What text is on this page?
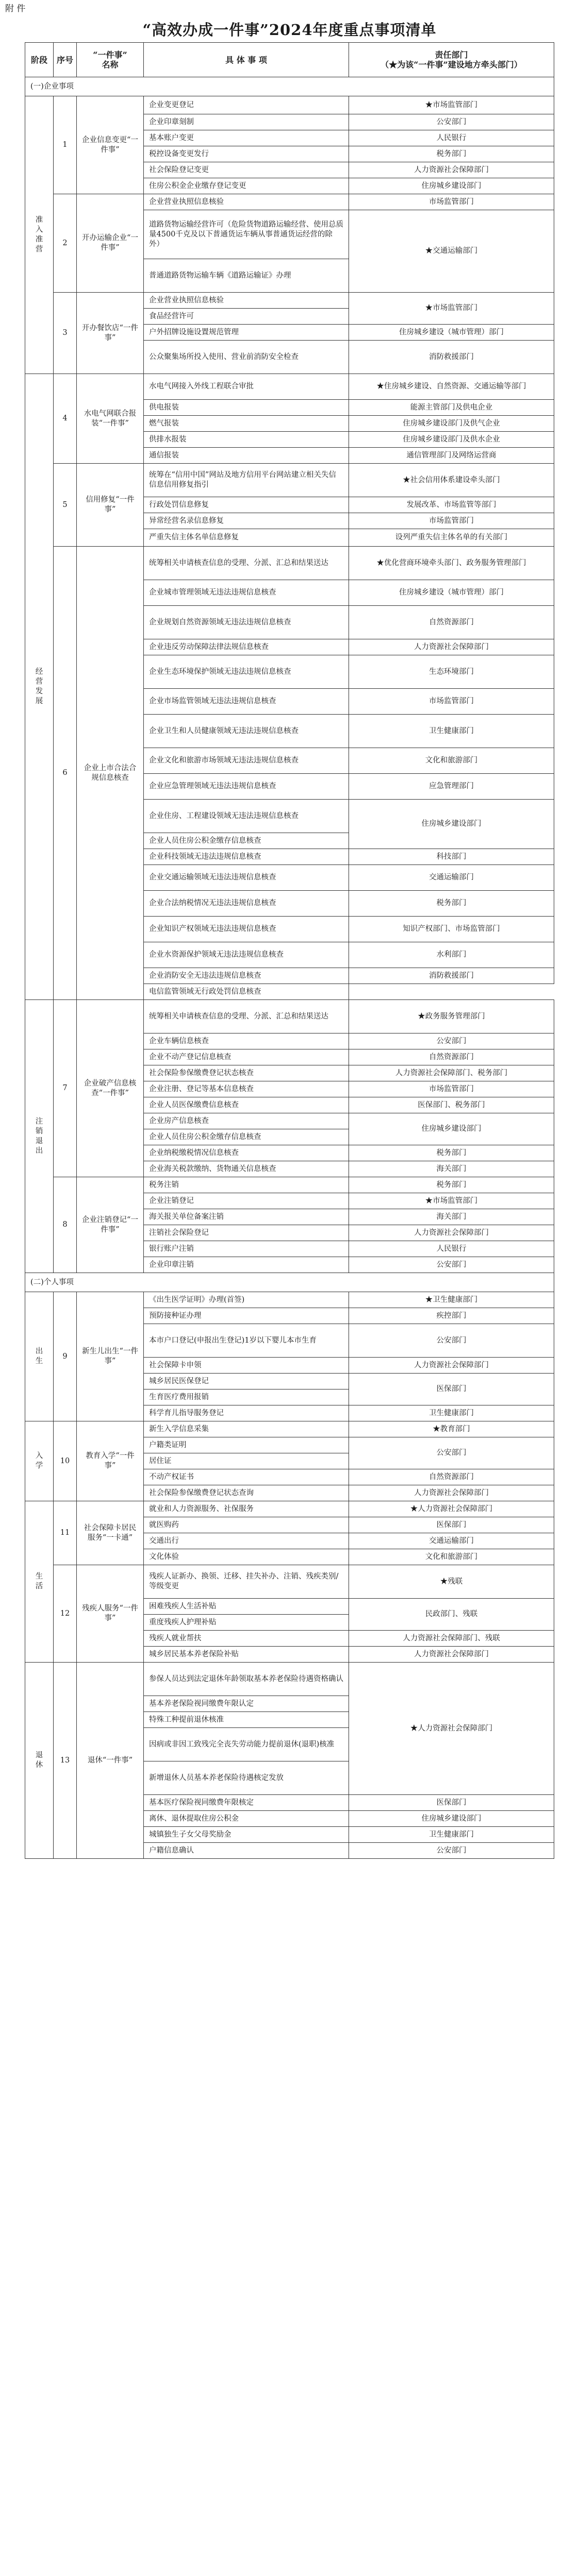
附 件
“高效办成一件事”2024年度重点事项清单
阶段	序号	“一件事”
名称	具 体 事 项	责任部门
（★为该“一件事”建设地方牵头部门）
(一)企业事项				
准
入
准
营	1	企业信息变更“一件事”	企业变更登记	★市场监管部门
			企业印章刻制	公安部门
			基本账户变更	人民银行
			税控设备变更发行	税务部门
			社会保险登记变更	人力资源社会保障部门
			住房公积金企业缴存登记变更	住房城乡建设部门
	2	开办运输企业“一件事”	企业营业执照信息核验	市场监管部门
			道路货物运输经营许可（危险货物道路运输经营、使用总质量4500千克及以下普通货运车辆从事普通货运经营的除外）	★交通运输部门
			普通道路货物运输车辆《道路运输证》办理	
	3	开办餐饮店“一件事”	企业营业执照信息核验	★市场监管部门
			食品经营许可	
			户外招牌设施设置规范管理	住房城乡建设（城市管理）部门
			公众聚集场所投入使用、营业前消防安全检查	消防救援部门
经
营
发
展	4	水电气网联合报装“一件事”	水电气网接入外线工程联合审批	★住房城乡建设、自然资源、交通运输等部门
			供电报装	能源主管部门及供电企业
			燃气报装	住房城乡建设部门及供气企业
			供排水报装	住房城乡建设部门及供水企业
			通信报装	通信管理部门及网络运营商
	5	信用修复“一件事”	统筹在“信用中国”网站及地方信用平台网站建立相关失信信息信用修复指引	★社会信用体系建设牵头部门
			行政处罚信息修复	发展改革、市场监管等部门
			异常经营名录信息修复	市场监管部门
			严重失信主体名单信息修复	设列严重失信主体名单的有关部门
	6	企业上市合法合规信息核查	统筹相关申请核查信息的受理、分派、汇总和结果送达	★优化营商环境牵头部门、政务服务管理部门
			企业城市管理领域无违法违规信息核查	住房城乡建设（城市管理）部门
			企业规划自然资源领域无违法违规信息核查	自然资源部门
			企业违反劳动保障法律法规信息核查	人力资源社会保障部门
			企业生态环境保护领域无违法违规信息核查	生态环境部门
			企业市场监管领域无违法违规信息核查	市场监管部门
			企业卫生和人员健康领域无违法违规信息核查	卫生健康部门
			企业文化和旅游市场领域无违法违规信息核查	文化和旅游部门
			企业应急管理领域无违法违规信息核查	应急管理部门
			企业住房、工程建设领域无违法违规信息核查	住房城乡建设部门
			企业人员住房公积金缴存信息核查	
			企业科技领域无违法违规信息核查	科技部门
			企业交通运输领域无违法违规信息核查	交通运输部门
			企业合法纳税情况无违法违规信息核查	税务部门
			企业知识产权领域无违法违规信息核查	知识产权部门、市场监管部门
			企业水资源保护领域无违法违规信息核查	水利部门
			企业消防安全无违法违规信息核查	消防救援部门
			电信监管领域无行政处罚信息核查	
注
销
退
出	7	企业破产信息核查“一件事”	统筹相关申请核查信息的受理、分派、汇总和结果送达	★政务服务管理部门
			企业车辆信息核查	公安部门
			企业不动产登记信息核查	自然资源部门
			社会保险参保缴费登记状态核查	人力资源社会保障部门、税务部门
			企业注册、登记等基本信息核查	市场监管部门
			企业人员医保缴费信息核查	医保部门、税务部门
			企业房产信息核查	住房城乡建设部门
			企业人员住房公积金缴存信息核查	
			企业纳税缴税情况信息核查	税务部门
			企业海关税款缴纳、货物通关信息核查	海关部门
	8	企业注销登记“一件事”	税务注销	税务部门
			企业注销登记	★市场监管部门
			海关报关单位备案注销	海关部门
			注销社会保险登记	人力资源社会保障部门
			银行账户注销	人民银行
			企业印章注销	公安部门
(二)个人事项				
出
生	9	新生儿出生“一件事”	《出生医学证明》办理(首签)	★卫生健康部门
			预防接种证办理	疾控部门
			本市户口登记(申报出生登记)1岁以下婴儿本市生育	公安部门
			社会保障卡申领	人力资源社会保障部门
			城乡居民医保登记	医保部门
			生育医疗费用报销	
			科学育儿指导服务登记	卫生健康部门
入
学	10	教育入学“一件事”	新生入学信息采集	★教育部门
			户籍类证明	公安部门
			居住证	
			不动产权证书	自然资源部门
			社会保险参保缴费登记状态查询	人力资源社会保障部门
生
活	11	社会保障卡居民服务“一卡通”	就业和人力资源服务、社保服务	★人力资源社会保障部门
			就医购药	医保部门
			交通出行	交通运输部门
			文化体验	文化和旅游部门
	12	残疾人服务“一件事”	残疾人证新办、换领、迁移、挂失补办、注销、残疾类别/等级变更	★残联
			困难残疾人生活补贴	民政部门、残联
			重度残疾人护理补贴	
			残疾人就业帮扶	人力资源社会保障部门、残联
			城乡居民基本养老保险补贴	人力资源社会保障部门
退
休	13	退休“一件事”	参保人员达到法定退休年龄领取基本养老保险待遇资格确认	★人力资源社会保障部门
			基本养老保险视同缴费年限认定	
			特殊工种提前退休核准	
			因病或非因工致残完全丧失劳动能力提前退休(退职)核准	
			新增退休人员基本养老保险待遇核定发放	
			基本医疗保险视同缴费年限核定	医保部门
			离休、退休提取住房公积金	住房城乡建设部门
			城镇独生子女父母奖励金	卫生健康部门
			户籍信息确认	公安部门
